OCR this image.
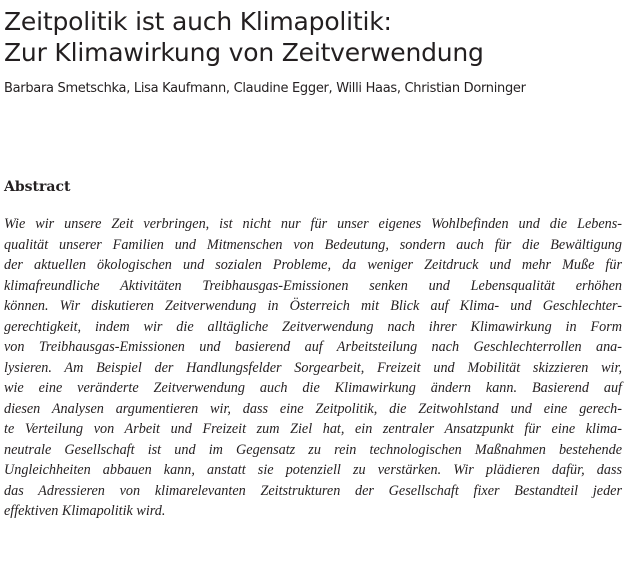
Zeitpolitik ist auch Klimapolitik:
Zur Klimawirkung von Zeitverwendung
Barbara Smetschka, Lisa Kaufmann, Claudine Egger, Willi Haas, Christian Dorninger
Abstract
Wie wir unsere Zeit verbringen, ist nicht nur für unser eigenes Wohlbefinden und die Lebens-
qualität unserer Familien und Mitmenschen von Bedeutung, sondern auch für die Bewältigung
der aktuellen ökologischen und sozialen Probleme, da weniger Zeitdruck und mehr Muße für
klimafreundliche Aktivitäten Treibhausgas-Emissionen senken und Lebensqualität erhöhen
können. Wir diskutieren Zeitverwendung in Österreich mit Blick auf Klima- und Geschlechter-
gerechtigkeit, indem wir die alltägliche Zeitverwendung nach ihrer Klimawirkung in Form
von Treibhausgas-Emissionen und basierend auf Arbeitsteilung nach Geschlechterrollen ana-
lysieren. Am Beispiel der Handlungsfelder Sorgearbeit, Freizeit und Mobilität skizzieren wir,
wie eine veränderte Zeitverwendung auch die Klimawirkung ändern kann. Basierend auf
diesen Analysen argumentieren wir, dass eine Zeitpolitik, die Zeitwohlstand und eine gerech-
te Verteilung von Arbeit und Freizeit zum Ziel hat, ein zentraler Ansatzpunkt für eine klima-
neutrale Gesellschaft ist und im Gegensatz zu rein technologischen Maßnahmen bestehende
Ungleichheiten abbauen kann, anstatt sie potenziell zu verstärken. Wir plädieren dafür, dass
das Adressieren von klimarelevanten Zeitstrukturen der Gesellschaft fixer Bestandteil jeder
effektiven Klimapolitik wird.
